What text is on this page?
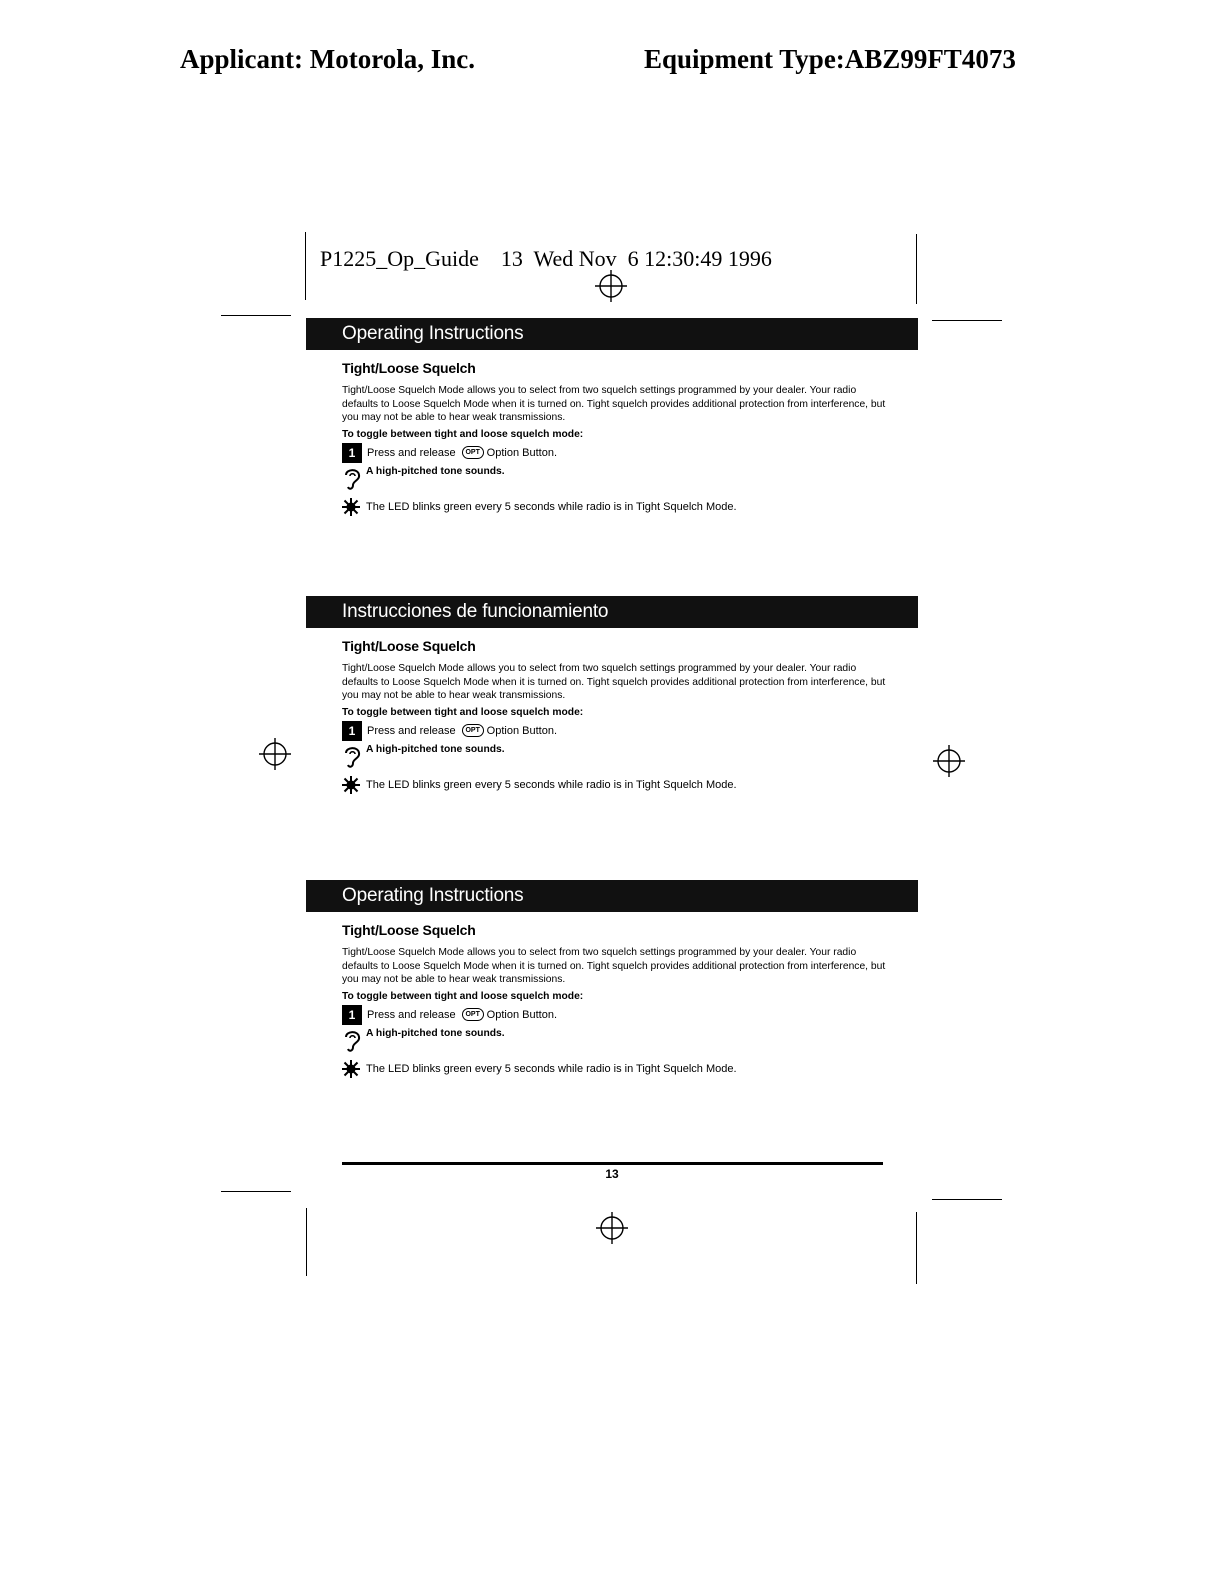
Applicant: Motorola, Inc.	Equipment Type:ABZ99FT4073
P1225_Op_Guide    13  Wed Nov  6 12:30:49 1996
Operating Instructions
Tight/Loose Squelch

Tight/Loose Squelch Mode allows you to select from two squelch settings programmed by your dealer. Your radio defaults to Loose Squelch Mode when it is turned on. Tight squelch provides additional protection from interference, but you may not be able to hear weak transmissions.

To toggle between tight and loose squelch mode:
1	Press and release	OPT Option Button.
A high-pitched tone sounds.
The LED blinks green every 5 seconds while radio is in Tight Squelch Mode.
Instrucciones de funcionamiento
Tight/Loose Squelch

Tight/Loose Squelch Mode allows you to select from two squelch settings programmed by your dealer. Your radio defaults to Loose Squelch Mode when it is turned on. Tight squelch provides additional protection from interference, but you may not be able to hear weak transmissions.

To toggle between tight and loose squelch mode:
1	Press and release	OPT Option Button.
A high-pitched tone sounds.
The LED blinks green every 5 seconds while radio is in Tight Squelch Mode.
Operating Instructions
Tight/Loose Squelch

Tight/Loose Squelch Mode allows you to select from two squelch settings programmed by your dealer. Your radio defaults to Loose Squelch Mode when it is turned on. Tight squelch provides additional protection from interference, but you may not be able to hear weak transmissions.

To toggle between tight and loose squelch mode:
1	Press and release	OPT Option Button.
A high-pitched tone sounds.
The LED blinks green every 5 seconds while radio is in Tight Squelch Mode.
13
